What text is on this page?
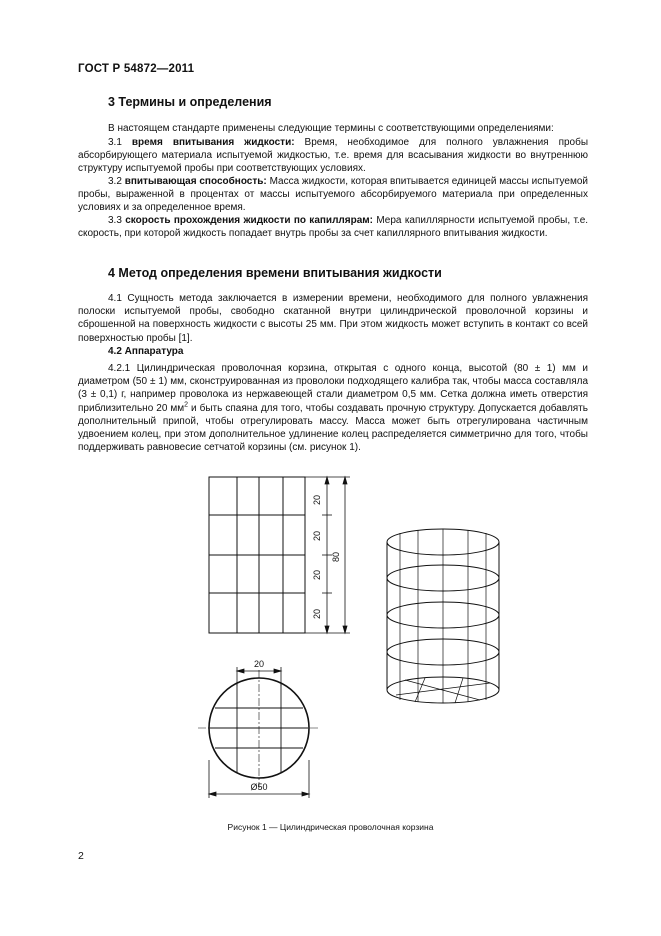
ГОСТ Р 54872—2011
3 Термины и определения

В настоящем стандарте применены следующие термины с соответствующими определениями:

3.1 время впитывания жидкости: Время, необходимое для полного увлажнения пробы абсорбирующего материала испытуемой жидкостью, т.е. время для всасывания жидкости во внутреннюю структуру испытуемой пробы при соответствующих условиях.

3.2 впитывающая способность: Масса жидкости, которая впитывается единицей массы испытуемой пробы, выраженной в процентах от массы испытуемого абсорбируемого материала при определенных условиях и за определенное время.

3.3 скорость прохождения жидкости по капиллярам: Мера капиллярности испытуемой пробы, т.е. скорость, при которой жидкость попадает внутрь пробы за счет капиллярного впитывания жидкости.

4 Метод определения времени впитывания жидкости

4.1 Сущность метода заключается в измерении времени, необходимого для полного увлажнения полоски испытуемой пробы, свободно скатанной внутри цилиндрической проволочной корзины и сброшенной на поверхность жидкости с высоты 25 мм. При этом жидкость может вступить в контакт со всей поверхностью пробы [1].

4.2 Аппаратура

4.2.1 Цилиндрическая проволочная корзина, открытая с одного конца, высотой (80 ± 1) мм и диаметром (50 ± 1) мм, сконструированная из проволоки подходящего калибра так, чтобы масса составляла (3 ± 0,1) г, например проволока из нержавеющей стали диаметром 0,5 мм. Сетка должна иметь отверстия приблизительно 20 $мм^2$ и быть спаяна для того, чтобы создавать прочную структуру. Допускается добавлять дополнительный припой, чтобы отрегулировать массу. Масса может быть отрегулирована частичным удвоением колец, при этом дополнительное удлинение колец распределяется симметрично для того, чтобы поддерживать равновесие сетчатой корзины (см. рисунок 1).

20
20
20
20
80
20
Ø50
Рисунок 1 — Цилиндрическая проволочная корзина
2
